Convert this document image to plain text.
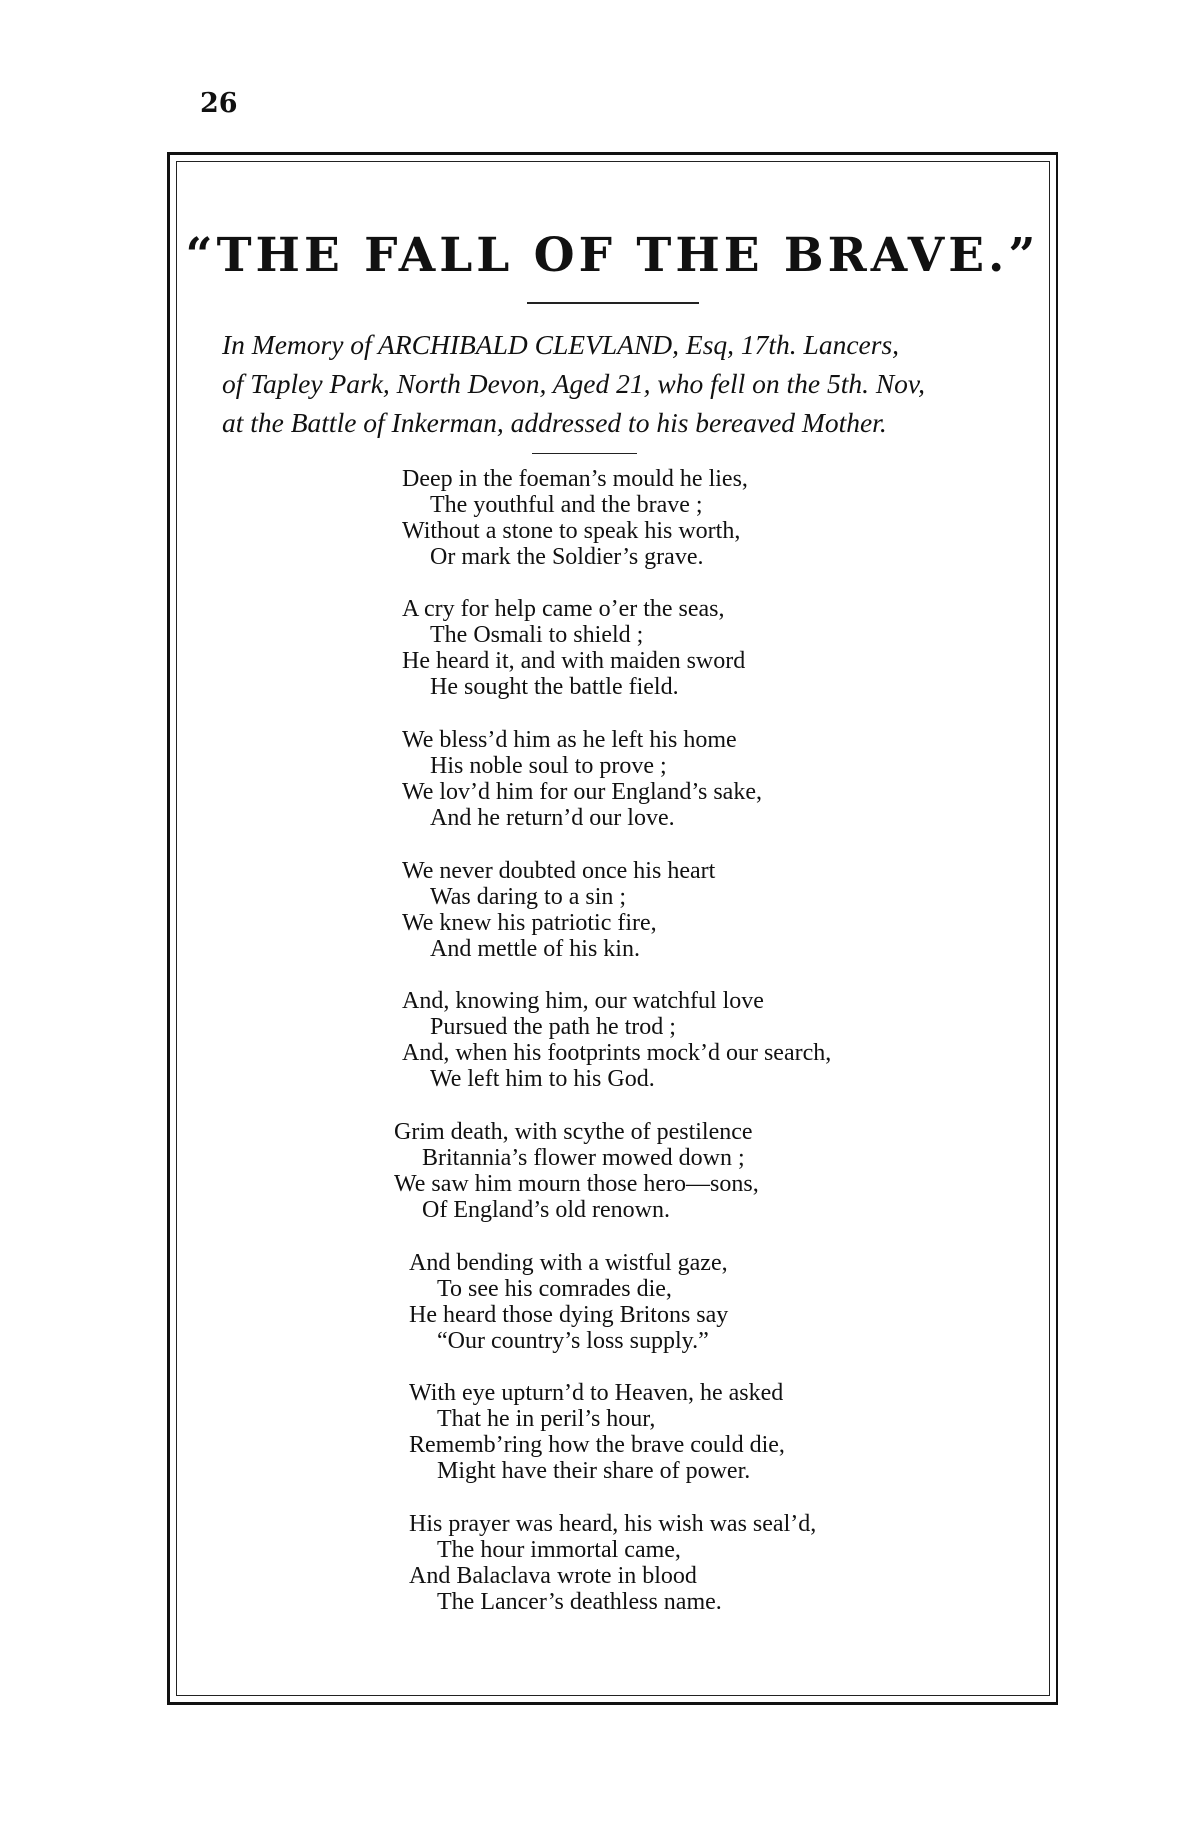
26
“THE FALL OF THE BRAVE.”
In Memory of ARCHIBALD CLEVLAND, Esq, 17th. Lancers,
of Tapley Park, North Devon, Aged 21, who fell on the 5th. Nov,
at the Battle of Inkerman, addressed to his bereaved Mother.
Deep in the foeman’s mould he lies,
The youthful and the brave ;
Without a stone to speak his worth,
Or mark the Soldier’s grave.
A cry for help came o’er the seas,
The Osmali to shield ;
He heard it, and with maiden sword
He sought the battle field.
We bless’d him as he left his home
His noble soul to prove ;
We lov’d him for our England’s sake,
And he return’d our love.
We never doubted once his heart
Was daring to a sin ;
We knew his patriotic fire,
And mettle of his kin.
And, knowing him, our watchful love
Pursued the path he trod ;
And, when his footprints mock’d our search,
We left him to his God.
Grim death, with scythe of pestilence
Britannia’s flower mowed down ;
We saw him mourn those hero—sons,
Of England’s old renown.
And bending with a wistful gaze,
To see his comrades die,
He heard those dying Britons say
“Our country’s loss supply.”
With eye upturn’d to Heaven, he asked
That he in peril’s hour,
Rememb’ring how the brave could die,
Might have their share of power.
His prayer was heard, his wish was seal’d,
The hour immortal came,
And Balaclava wrote in blood
The Lancer’s deathless name.
